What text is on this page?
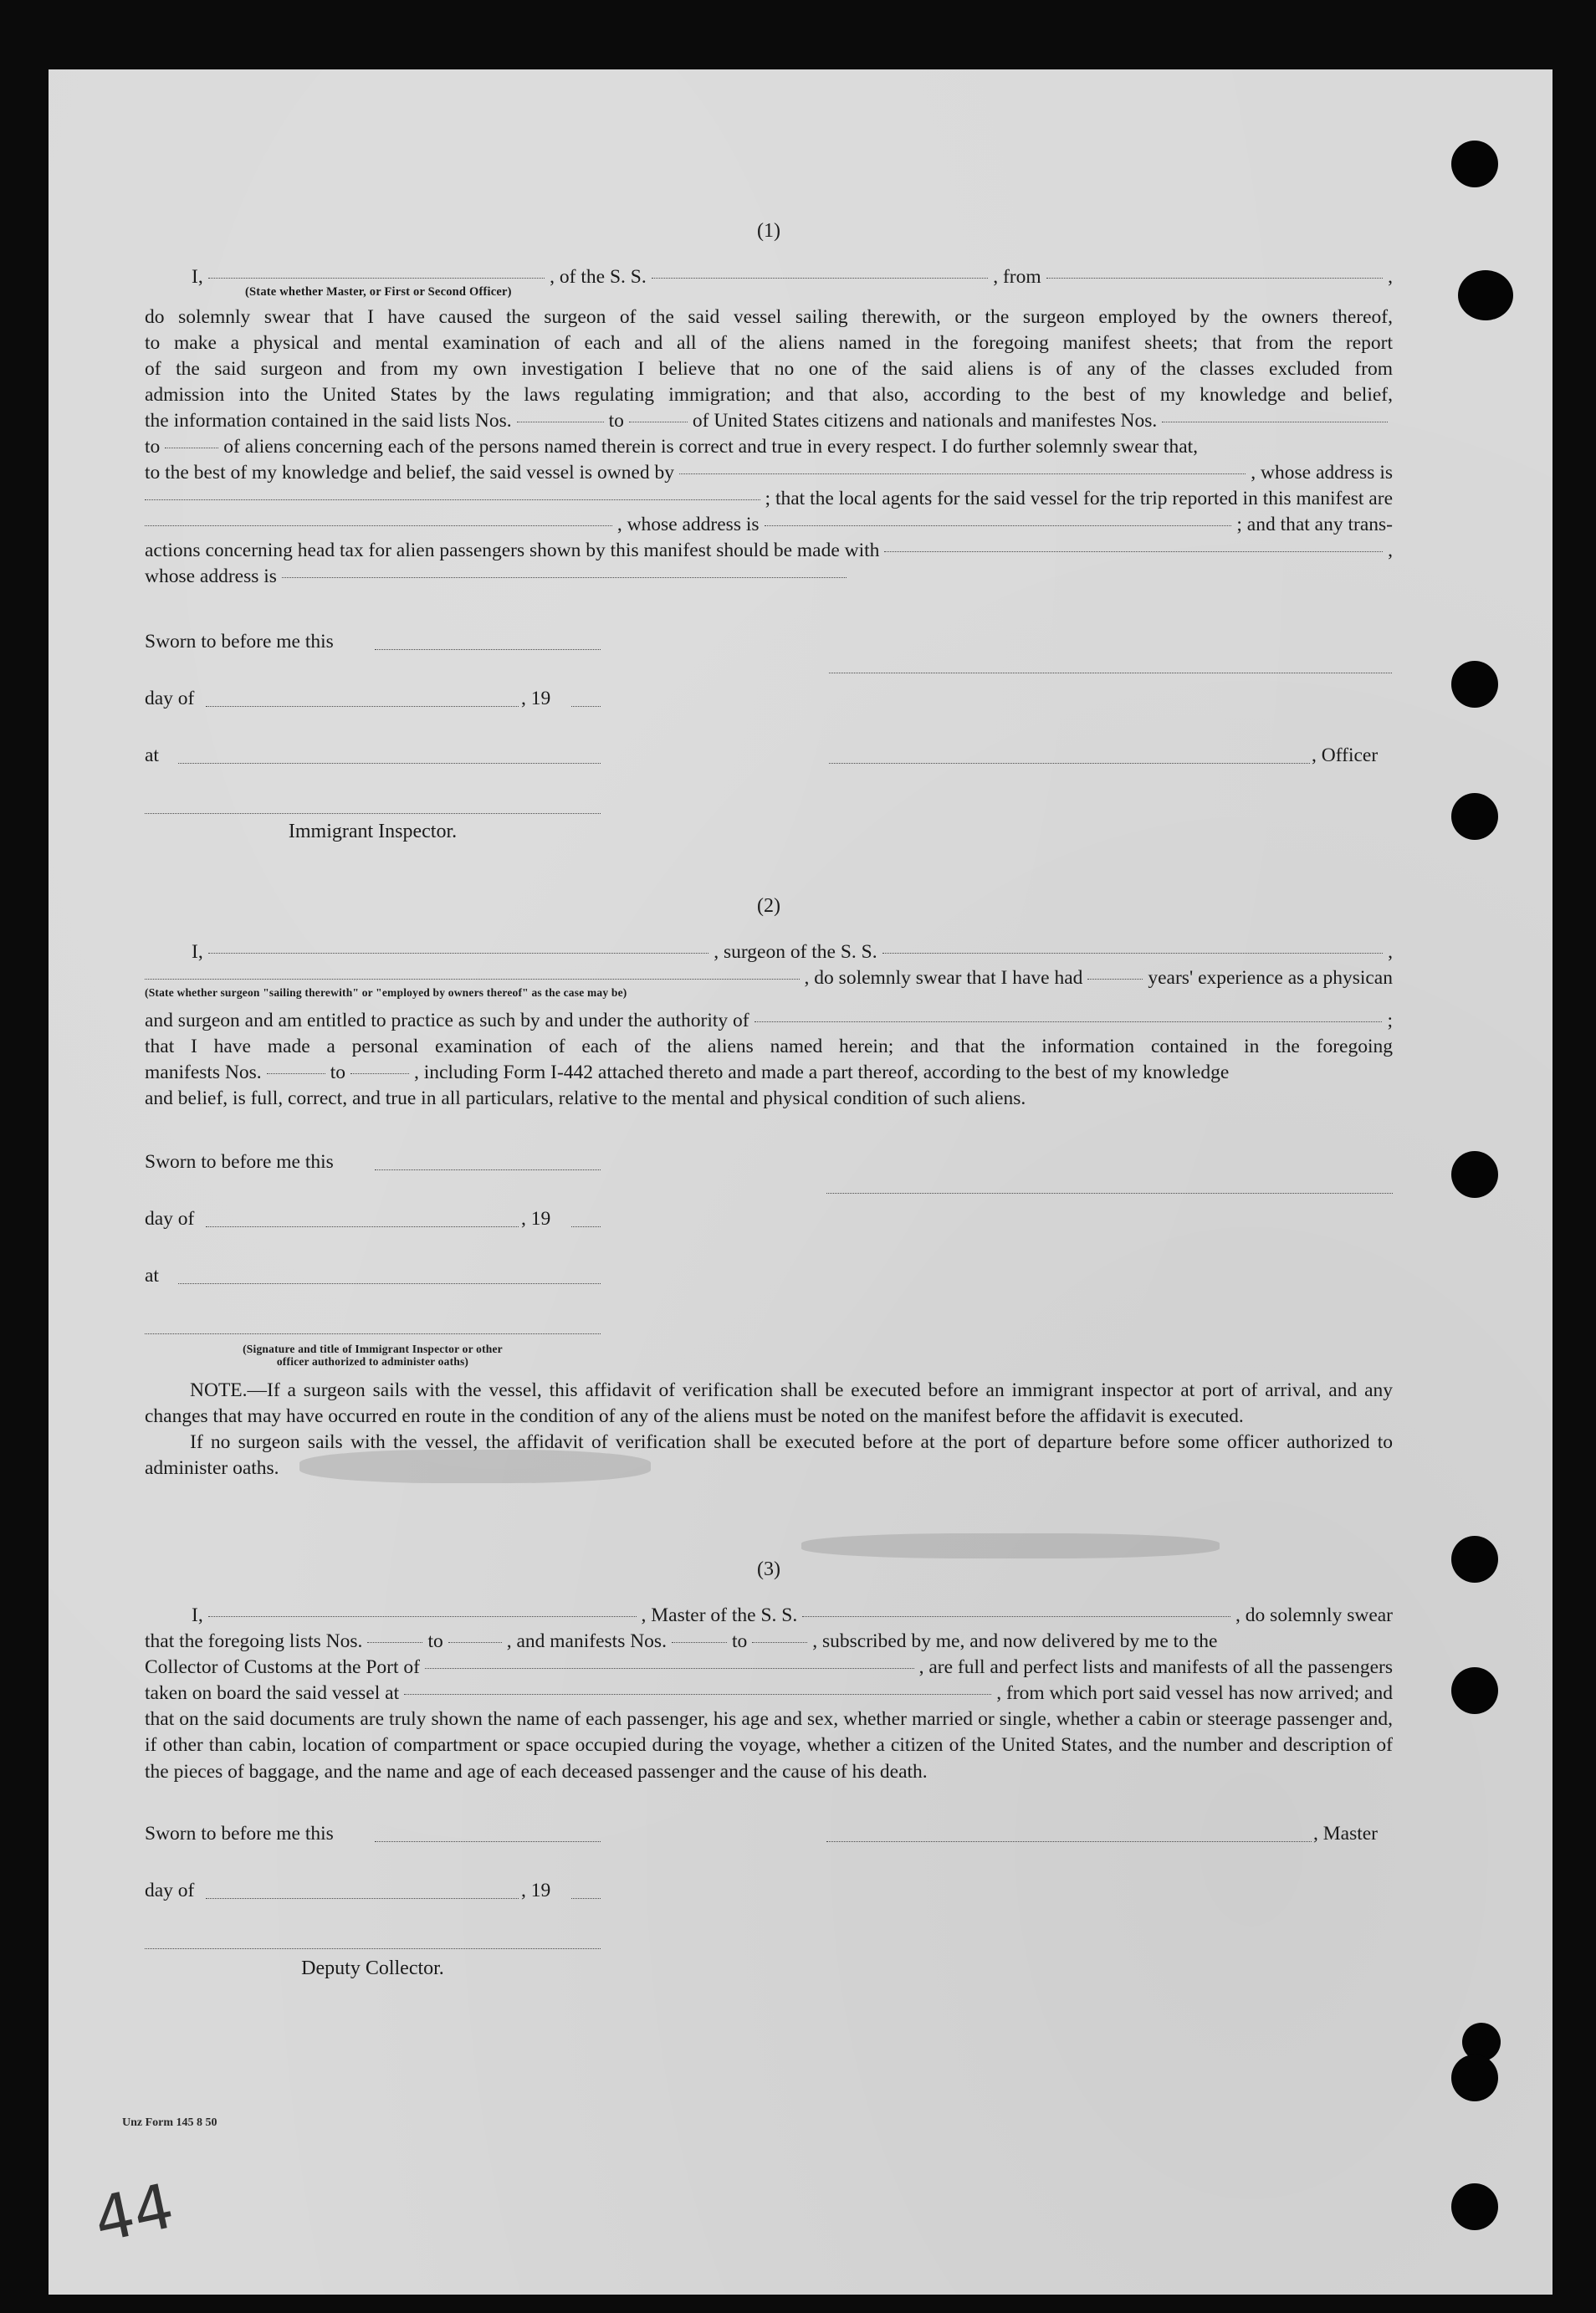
(1)
I,	, of the S. S.	, from	,
(State whether Master, or First or Second Officer)
do solemnly swear that I have caused the surgeon of the said vessel sailing therewith, or the surgeon employed by the owners thereof,
to make a physical and mental examination of each and all of the aliens named in the foregoing manifest sheets; that from the report
of the said surgeon and from my own investigation I believe that no one of the said aliens is of any of the classes excluded from
admission into the United States by the laws regulating immigration; and that also, according to the best of my knowledge and belief,
the information contained in the said lists Nos.	to	of United States citizens and nationals and manifestes Nos.
to	of aliens concerning each of the persons named therein is correct and true in every respect. I do further solemnly swear that,
to the best of my knowledge and belief, the said vessel is owned by	, whose address is
; that the local agents for the said vessel for the trip reported in this manifest are
, whose address is	; and that any trans-
actions concerning head tax for alien passengers shown by this manifest should be made with	,
whose address is
Sworn to before me this
day of	, 19
at	, Officer
Immigrant Inspector.
(2)
I,	, surgeon of the S. S.	,
, do solemnly swear that I have had	years' experience as a physican
(State whether surgeon "sailing therewith" or "employed by owners thereof" as the case may be)
and surgeon and am entitled to practice as such by and under the authority of	;
that I have made a personal examination of each of the aliens named herein; and that the information contained in the foregoing
manifests Nos.	to	, including Form I-442 attached thereto and made a part thereof, according to the best of my knowledge
and belief, is full, correct, and true in all particulars, relative to the mental and physical condition of such aliens.
Sworn to before me this
day of	, 19
at
(Signature and title of Immigrant Inspector or other
officer authorized to administer oaths)

NOTE.—If a surgeon sails with the vessel, this affidavit of verification shall be executed before an immigrant inspector at port of arrival, and any changes that may have occurred en route in the condition of any of the aliens must be noted on the manifest before the affidavit is executed.

If no surgeon sails with the vessel, the affidavit of verification shall be executed before at the port of departure before some officer authorized to administer oaths.

(3)
I,	, Master of the S. S.	, do solemnly swear
that the foregoing lists Nos.	to	, and manifests Nos.	to	, subscribed by me, and now delivered by me to the
Collector of Customs at the Port of	, are full and perfect lists and manifests of all the passengers
taken on board the said vessel at	, from which port said vessel has now arrived; and

that on the said documents are truly shown the name of each passenger, his age and sex, whether married or single, whether a cabin or steerage passenger and, if other than cabin, location of compartment or space occupied during the voyage, whether a citizen of the United States, and the number and description of the pieces of baggage, and the name and age of each deceased passenger and the cause of his death.

Sworn to before me this	, Master
day of	, 19
Deputy Collector.
Unz Form 145 8 50
44
